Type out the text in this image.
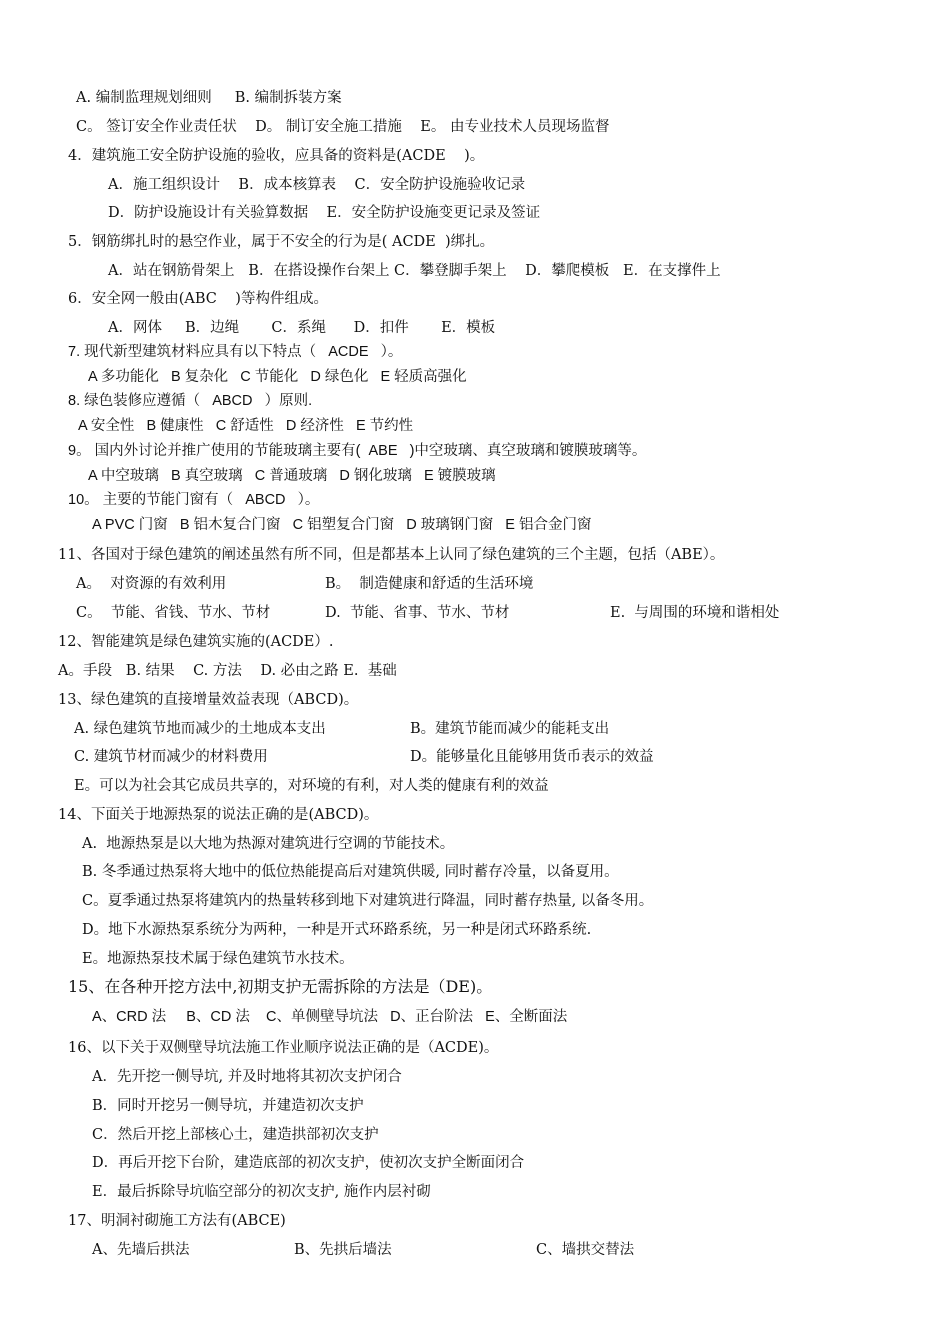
A. 编制监理规划细则     B. 编制拆装方案
C。 签订安全作业责任状    D。 制订安全施工措施    E。 由专业技术人员现场监督
4．建筑施工安全防护设施的验收，应具备的资料是(ACDE    )。
A．施工组织设计    B．成本核算表    C．安全防护设施验收记录
D．防护设施设计有关验算数据    E．安全防护设施变更记录及签证
5．钢筋绑扎时的悬空作业，属于不安全的行为是( ACDE  )绑扎。
A．站在钢筋骨架上   B．在搭设操作台架上 C．攀登脚手架上    D．攀爬模板   E．在支撑件上
6．安全网一般由(ABC    )等构件组成。
A．网体     B．边绳       C．系绳      D．扣件       E．模板
7. 现代新型建筑材料应具有以下特点（   ACDE   ）。
A 多功能化   B 复杂化   C 节能化   D 绿色化   E 轻质高强化
8. 绿色装修应遵循（   ABCD   ）原则.
A 安全性   B 健康性   C 舒适性   D 经济性   E 节约性
9。 国内外讨论并推广使用的节能玻璃主要有(  ABE   )中空玻璃、真空玻璃和镀膜玻璃等。
A 中空玻璃   B 真空玻璃   C 普通玻璃   D 钢化玻璃   E 镀膜玻璃
10。 主要的节能门窗有（   ABCD   ）。
A PVC 门窗   B 铝木复合门窗   C 铝塑复合门窗   D 玻璃钢门窗   E 铝合金门窗
11、各国对于绿色建筑的阐述虽然有所不同，但是都基本上认同了绿色建筑的三个主题，包括（ABE）。
A。  对资源的有效利用	B。  制造健康和舒适的生活环境
C。  节能、省钱、节水、节材	D.  节能、省事、节水、节材	E.  与周围的环境和谐相处
12、智能建筑是绿色建筑实施的(ACDE）.
A。手段   B. 结果    C. 方法    D. 必由之路 E.  基础
13、绿色建筑的直接增量效益表现（ABCD)。
A. 绿色建筑节地而减少的土地成本支出	B。建筑节能而减少的能耗支出
C. 建筑节材而减少的材料费用	D。能够量化且能够用货币表示的效益
E。可以为社会其它成员共享的，对环境的有利，对人类的健康有利的效益
14、下面关于地源热泵的说法正确的是(ABCD)。
A.  地源热泵是以大地为热源对建筑进行空调的节能技术。
B. 冬季通过热泵将大地中的低位热能提高后对建筑供暖, 同时蓄存冷量，以备夏用。
C。夏季通过热泵将建筑内的热量转移到地下对建筑进行降温，同时蓄存热量, 以备冬用。
D。地下水源热泵系统分为两种，一种是开式环路系统，另一种是闭式环路系统.
E。地源热泵技术属于绿色建筑节水技术。
15、在各种开挖方法中,初期支护无需拆除的方法是（DE)。
A、CRD 法     B、CD 法    C、单侧壁导坑法   D、正台阶法   E、全断面法
16、以下关于双侧壁导坑法施工作业顺序说法正确的是（ACDE)。
A．先开挖一侧导坑, 并及时地将其初次支护闭合
B．同时开挖另一侧导坑，并建造初次支护
C．然后开挖上部核心土，建造拱部初次支护
D．再后开挖下台阶，建造底部的初次支护，使初次支护全断面闭合
E．最后拆除导坑临空部分的初次支护, 施作内层衬砌
17、明洞衬砌施工方法有(ABCE)
A、先墙后拱法	B、先拱后墙法	C、墙拱交替法
